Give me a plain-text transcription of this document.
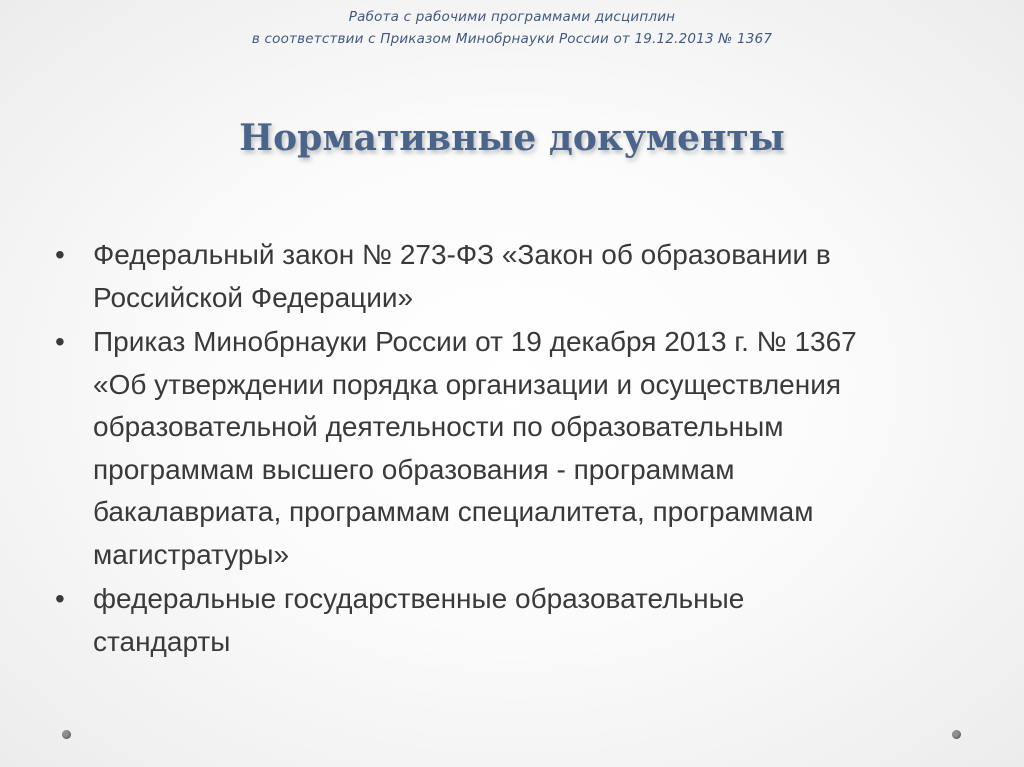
Работа с рабочими программами дисциплин
в соответствии с Приказом Минобрнауки России от 19.12.2013 № 1367
Нормативные документы
•	Федеральный закон № 273-ФЗ «Закон об образовании в
Российской Федерации»
•	Приказ Минобрнауки России от 19 декабря 2013 г. № 1367
«Об утверждении порядка организации и осуществления
образовательной деятельности по образовательным
программам высшего образования - программам
бакалавриата, программам специалитета, программам
магистратуры»
•	федеральные государственные образовательные
стандарты
